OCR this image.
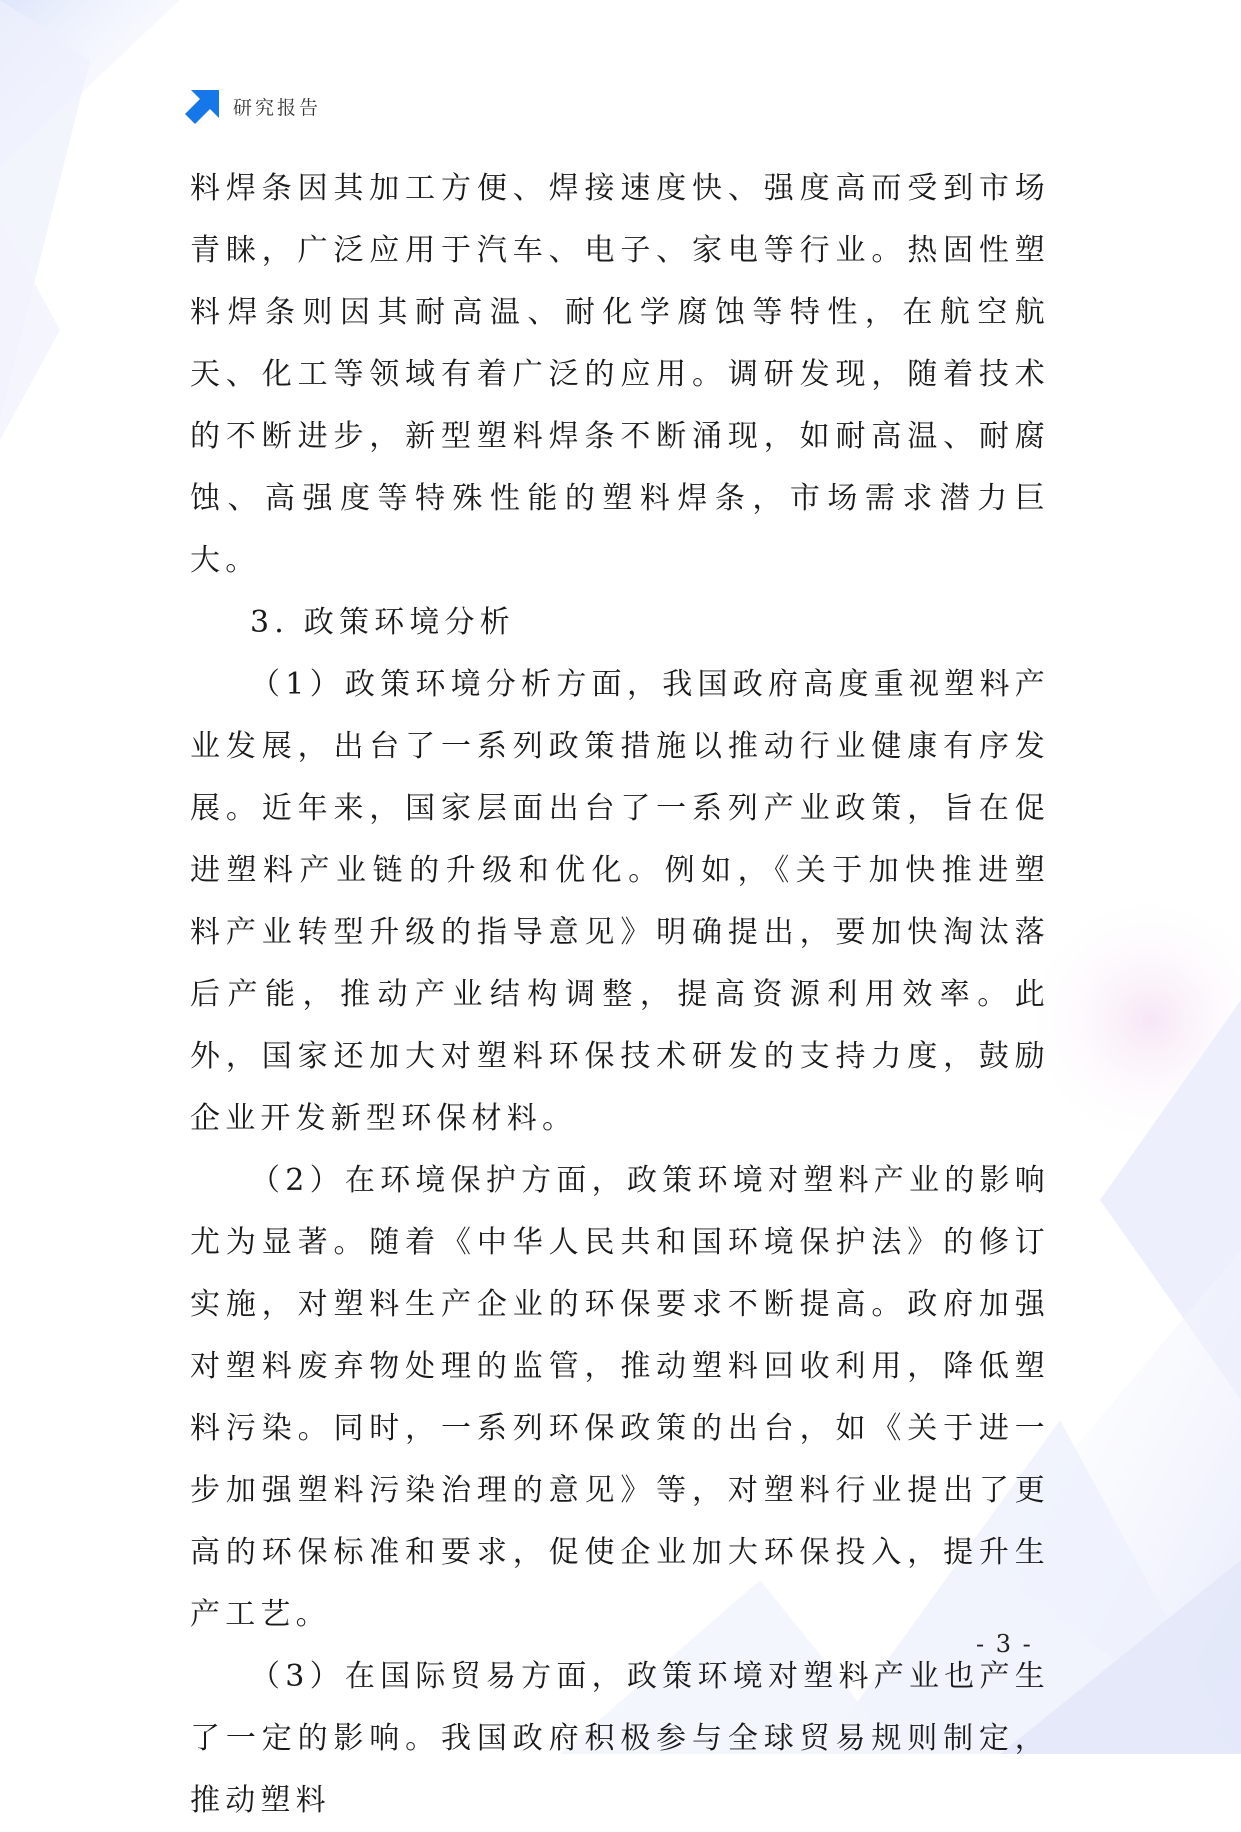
研究报告

料焊条因其加工方便、焊接速度快、强度高而受到市场青睐，广泛应用于汽车、电子、家电等行业。热固性塑料焊条则因其耐高温、耐化学腐蚀等特性，在航空航天、化工等领域有着广泛的应用。调研发现，随着技术的不断进步，新型塑料焊条不断涌现，如耐高温、耐腐蚀、高强度等特殊性能的塑料焊条，市场需求潜力巨大。

3. 政策环境分析

（1）政策环境分析方面，我国政府高度重视塑料产业发展，出台了一系列政策措施以推动行业健康有序发展。近年来，国家层面出台了一系列产业政策，旨在促进塑料产业链的升级和优化。例如，《关于加快推进塑料产业转型升级的指导意见》明确提出，要加快淘汰落后产能，推动产业结构调整，提高资源利用效率。此外，国家还加大对塑料环保技术研发的支持力度，鼓励企业开发新型环保材料。

（2）在环境保护方面，政策环境对塑料产业的影响尤为显著。随着《中华人民共和国环境保护法》的修订实施，对塑料生产企业的环保要求不断提高。政府加强对塑料废弃物处理的监管，推动塑料回收利用，降低塑料污染。同时，一系列环保政策的出台，如《关于进一步加强塑料污染治理的意见》等，对塑料行业提出了更高的环保标准和要求，促使企业加大环保投入，提升生产工艺。

（3）在国际贸易方面，政策环境对塑料产业也产生了一定的影响。我国政府积极参与全球贸易规则制定，推动塑料

- 3 -
